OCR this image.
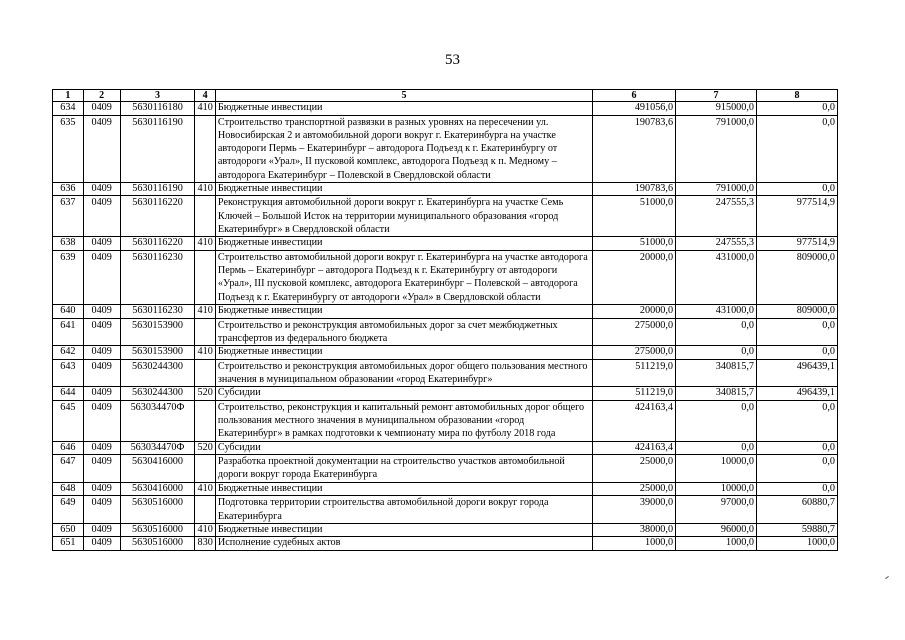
53
1	2	3	4	5	6	7	8
634	0409	5630116180	410	Бюджетные инвестиции	491056,0	915000,0	0,0
635	0409	5630116190		Строительство транспортной развязки в разных уровнях на пересечении ул. Новосибирская 2 и автомобильной дороги вокруг г. Екатеринбурга на участке автодороги Пермь – Екатеринбург – автодорога Подъезд к г. Екатеринбургу от автодороги «Урал», II пусковой комплекс, автодорога Подъезд к п. Медному – автодорога Екатеринбург – Полевской в Свердловской области	190783,6	791000,0	0,0
636	0409	5630116190	410	Бюджетные инвестиции	190783,6	791000,0	0,0
637	0409	5630116220		Реконструкция автомобильной дороги вокруг г. Екатеринбурга на участке Семь Ключей – Большой Исток на территории муниципального образования «город Екатеринбург» в Свердловской области	51000,0	247555,3	977514,9
638	0409	5630116220	410	Бюджетные инвестиции	51000,0	247555,3	977514,9
639	0409	5630116230		Строительство автомобильной дороги вокруг г. Екатеринбурга на участке автодорога Пермь – Екатеринбург – автодорога Подъезд к г. Екатеринбургу от автодороги «Урал», III пусковой комплекс, автодорога Екатеринбург – Полевской – автодорога Подъезд к г. Екатеринбургу от автодороги «Урал» в Свердловской области	20000,0	431000,0	809000,0
640	0409	5630116230	410	Бюджетные инвестиции	20000,0	431000,0	809000,0
641	0409	5630153900		Строительство и реконструкция автомобильных дорог за счет межбюджетных трансфертов из федерального бюджета	275000,0	0,0	0,0
642	0409	5630153900	410	Бюджетные инвестиции	275000,0	0,0	0,0
643	0409	5630244300		Строительство и реконструкция автомобильных дорог общего пользования местного значения в муниципальном образовании «город Екатеринбург»	511219,0	340815,7	496439,1
644	0409	5630244300	520	Субсидии	511219,0	340815,7	496439,1
645	0409	563034470Ф		Строительство, реконструкция и капитальный ремонт автомобильных дорог общего пользования местного значения в муниципальном образовании «город Екатеринбург» в рамках подготовки к чемпионату мира по футболу 2018 года	424163,4	0,0	0,0
646	0409	563034470Ф	520	Субсидии	424163,4	0,0	0,0
647	0409	5630416000		Разработка проектной документации на строительство участков автомобильной дороги вокруг города Екатеринбурга	25000,0	10000,0	0,0
648	0409	5630416000	410	Бюджетные инвестиции	25000,0	10000,0	0,0
649	0409	5630516000		Подготовка территории строительства автомобильной дороги вокруг города Екатеринбурга	39000,0	97000,0	60880,7
650	0409	5630516000	410	Бюджетные инвестиции	38000,0	96000,0	59880,7
651	0409	5630516000	830	Исполнение судебных актов	1000,0	1000,0	1000,0
